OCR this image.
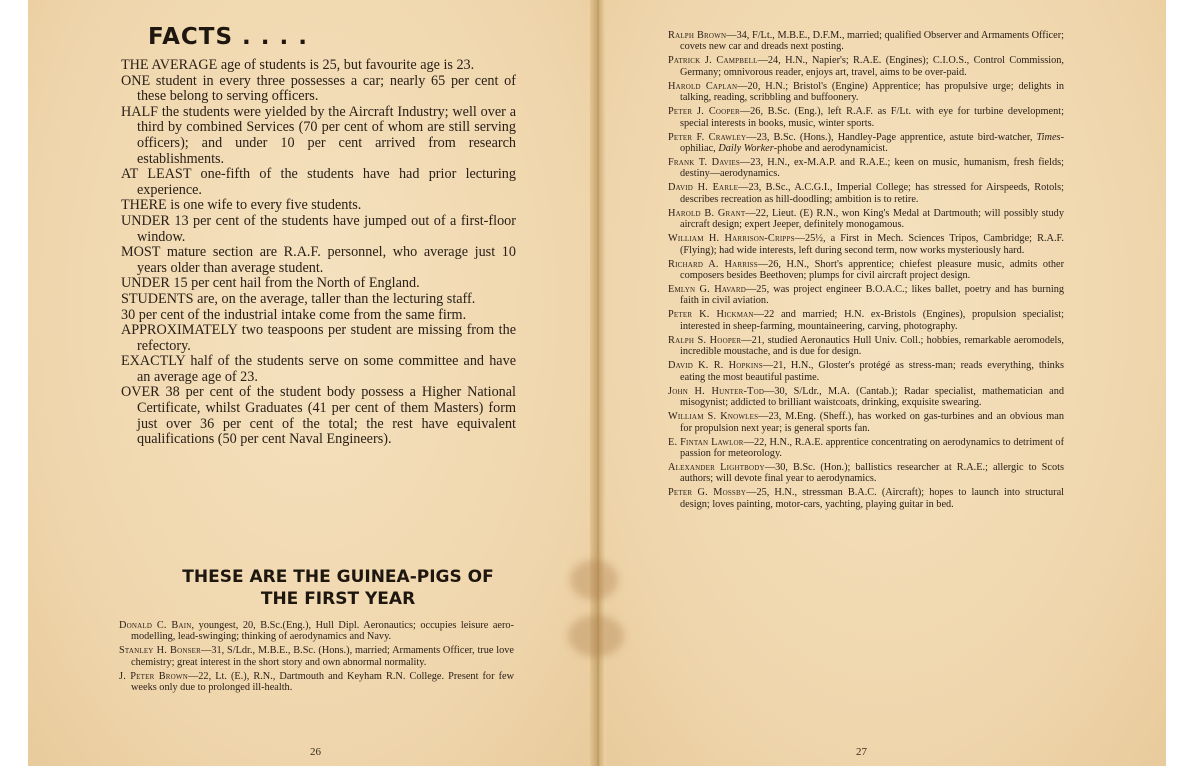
FACTS . . . .
THE AVERAGE age of students is 25, but favourite age is 23.
ONE student in every three possesses a car; nearly 65 per cent of these belong to serving officers.
HALF the students were yielded by the Aircraft Industry; well over a third by combined Services (70 per cent of whom are still serving officers); and under 10 per cent arrived from research establishments.
AT LEAST one-fifth of the students have had prior lecturing experience.
THERE is one wife to every five students.
UNDER 13 per cent of the students have jumped out of a first-floor window.
MOST mature section are R.A.F. personnel, who average just 10 years older than average student.
UNDER 15 per cent hail from the North of England.
STUDENTS are, on the average, taller than the lecturing staff.
30 per cent of the industrial intake come from the same firm.
APPROXIMATELY two teaspoons per student are missing from the refectory.
EXACTLY half of the students serve on some committee and have an average age of 23.
OVER 38 per cent of the student body possess a Higher National Certificate, whilst Graduates (41 per cent of them Masters) form just over 36 per cent of the total; the rest have equivalent qualifications (50 per cent Naval Engineers).
THESE ARE THE GUINEA-PIGS OF
THE FIRST YEAR
Donald C. Bain, youngest, 20, B.Sc.(Eng.), Hull Dipl. Aeronautics; occupies leisure aero-modelling, lead-swinging; thinking of aerodynamics and Navy.
Stanley H. Bonser—31, S/Ldr., M.B.E., B.Sc. (Hons.), married; Armaments Officer, true love chemistry; great interest in the short story and own abnormal normality.
J. Peter Brown—22, Lt. (E.), R.N., Dartmouth and Keyham R.N. College. Present for few weeks only due to prolonged ill-health.
26
Ralph Brown—34, F/Lt., M.B.E., D.F.M., married; qualified Observer and Armaments Officer; covets new car and dreads next posting.
Patrick J. Campbell—24, H.N., Napier's; R.A.E. (Engines); C.I.O.S., Control Commission, Germany; omnivorous reader, enjoys art, travel, aims to be over-paid.
Harold Caplan—20, H.N.; Bristol's (Engine) Apprentice; has propulsive urge; delights in talking, reading, scribbling and buffoonery.
Peter J. Cooper—26, B.Sc. (Eng.), left R.A.F. as F/Lt. with eye for turbine development; special interests in books, music, winter sports.
Peter F. Crawley—23, B.Sc. (Hons.), Handley-Page apprentice, astute bird-watcher, Times-ophiliac, Daily Worker-phobe and aerodynamicist.
Frank T. Davies—23, H.N., ex-M.A.P. and R.A.E.; keen on music, humanism, fresh fields; destiny—aerodynamics.
David H. Earle—23, B.Sc., A.C.G.I., Imperial College; has stressed for Airspeeds, Rotols; describes recreation as hill-doodling; ambition is to retire.
Harold B. Grant—22, Lieut. (E) R.N., won King's Medal at Dartmouth; will possibly study aircraft design; expert Jeeper, definitely monogamous.
William H. Harrison-Cripps—25½, a First in Mech. Sciences Tripos, Cambridge; R.A.F. (Flying); had wide interests, left during second term, now works mysteriously hard.
Richard A. Harriss—26, H.N., Short's apprentice; chiefest pleasure music, admits other composers besides Beethoven; plumps for civil aircraft project design.
Emlyn G. Havard—25, was project engineer B.O.A.C.; likes ballet, poetry and has burning faith in civil aviation.
Peter K. Hickman—22 and married; H.N. ex-Bristols (Engines), propulsion specialist; interested in sheep-farming, mountaineering, carving, photography.
Ralph S. Hooper—21, studied Aeronautics Hull Univ. Coll.; hobbies, remarkable aeromodels, incredible moustache, and is due for design.
David K. R. Hopkins—21, H.N., Gloster's protégé as stress-man; reads everything, thinks eating the most beautiful pastime.
John H. Hunter-Tod—30, S/Ldr., M.A. (Cantab.); Radar specialist, mathematician and misogynist; addicted to brilliant waistcoats, drinking, exquisite swearing.
William S. Knowles—23, M.Eng. (Sheff.), has worked on gas-turbines and an obvious man for propulsion next year; is general sports fan.
E. Fintan Lawlor—22, H.N., R.A.E. apprentice concentrating on aerodynamics to detriment of passion for meteorology.
Alexander Lightbody—30, B.Sc. (Hon.); ballistics researcher at R.A.E.; allergic to Scots authors; will devote final year to aerodynamics.
Peter G. Mossby—25, H.N., stressman B.A.C. (Aircraft); hopes to launch into structural design; loves painting, motor-cars, yachting, playing guitar in bed.
27
